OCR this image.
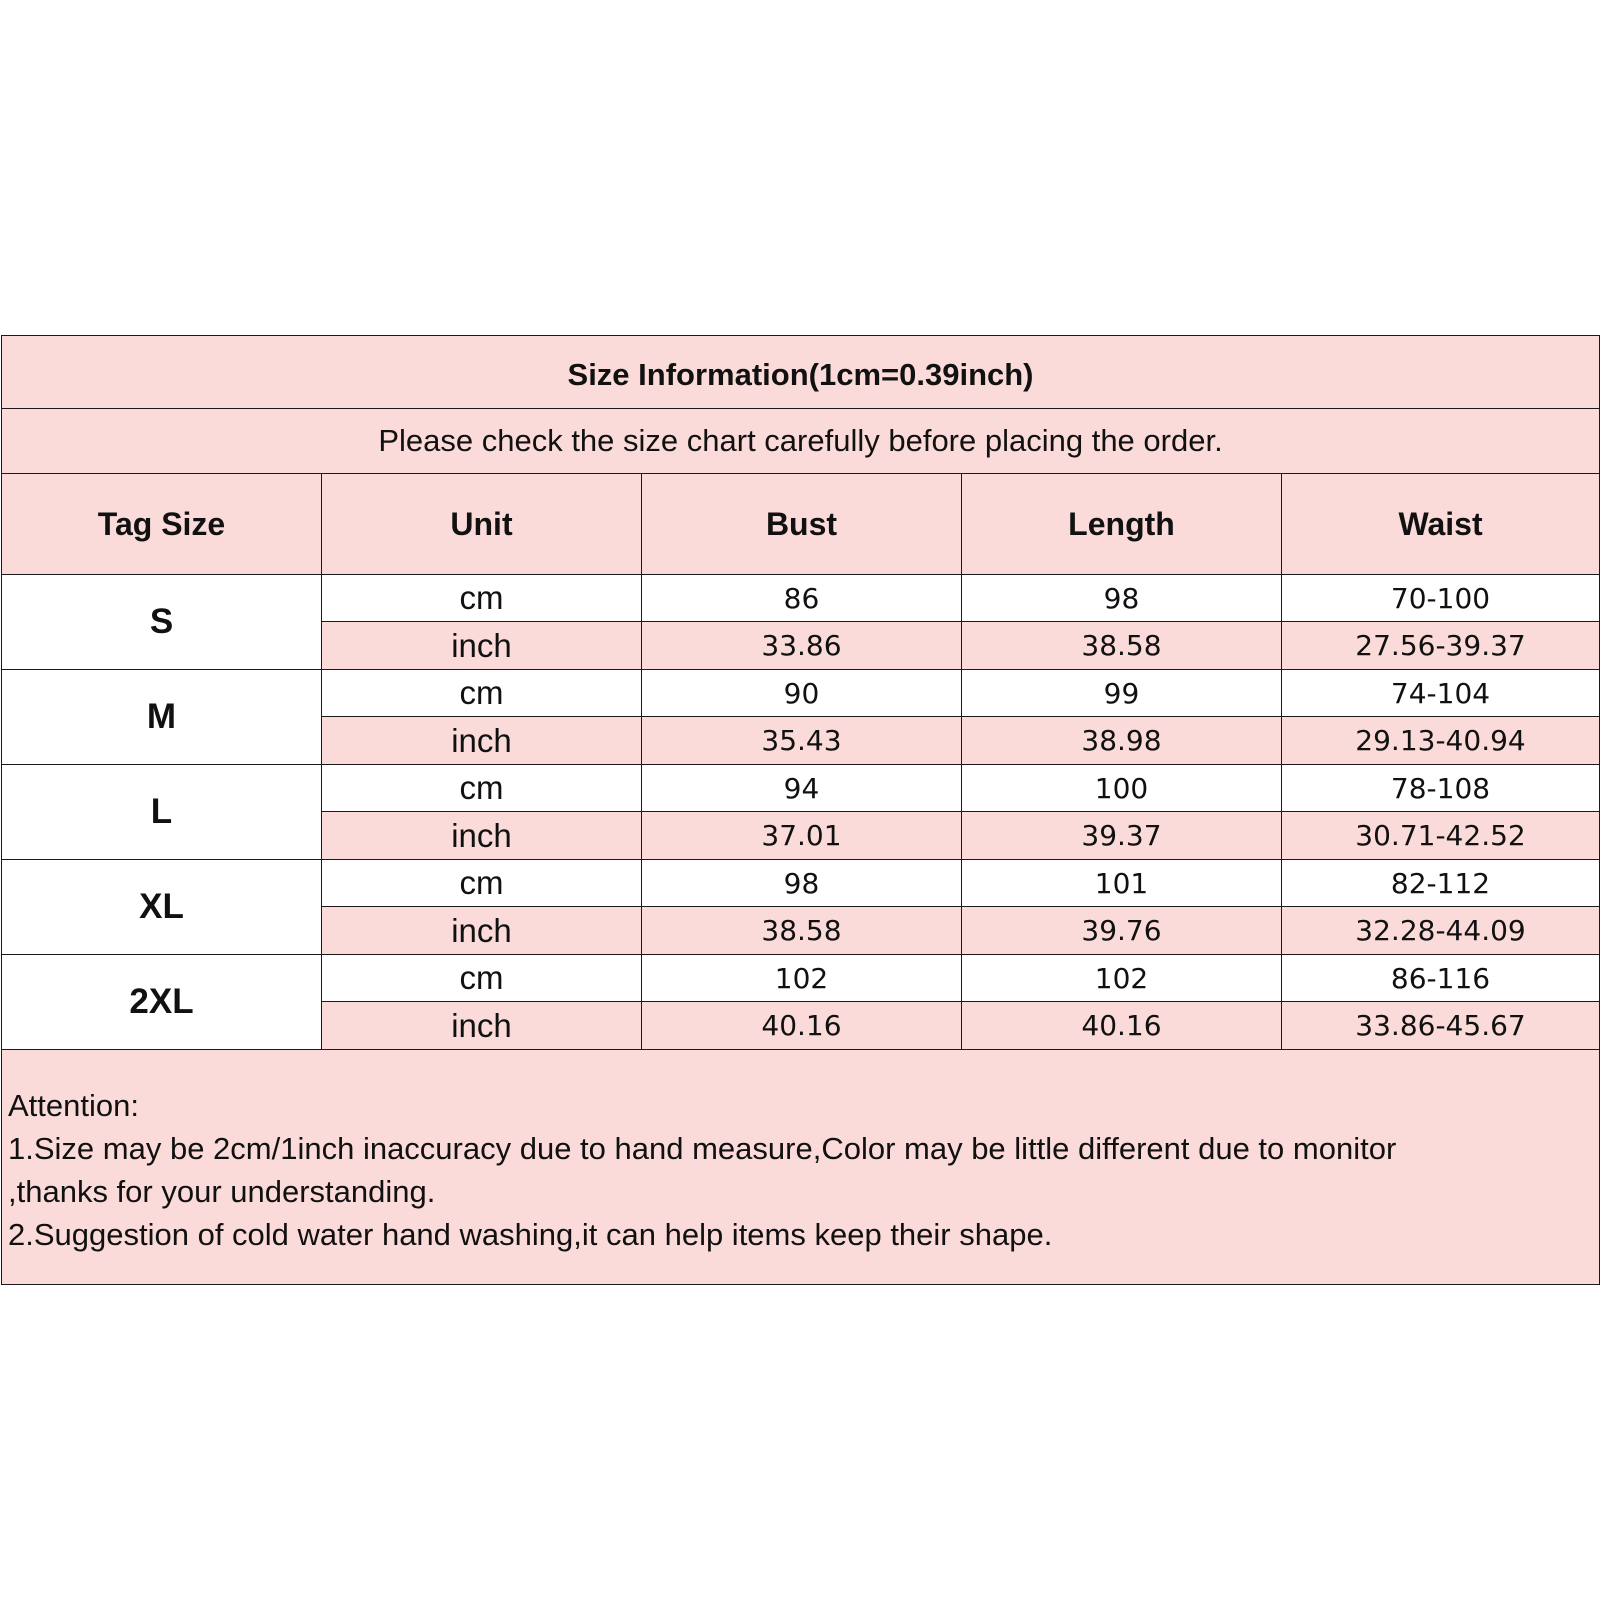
Size Information(1cm=0.39inch)				
Please check the size chart carefully before placing the order.				
Tag Size	Unit	Bust	Length	Waist
S	cm	86	98	70-100
	inch	33.86	38.58	27.56-39.37
M	cm	90	99	74-104
	inch	35.43	38.98	29.13-40.94
L	cm	94	100	78-108
	inch	37.01	39.37	30.71-42.52
XL	cm	98	101	82-112
	inch	38.58	39.76	32.28-44.09
2XL	cm	102	102	86-116
	inch	40.16	40.16	33.86-45.67

Attention:
1.Size may be 2cm/1inch inaccuracy due to hand measure,Color may be little different due to monitor
,thanks for your understanding.
2.Suggestion of cold water hand washing,it can help items keep their shape.				
